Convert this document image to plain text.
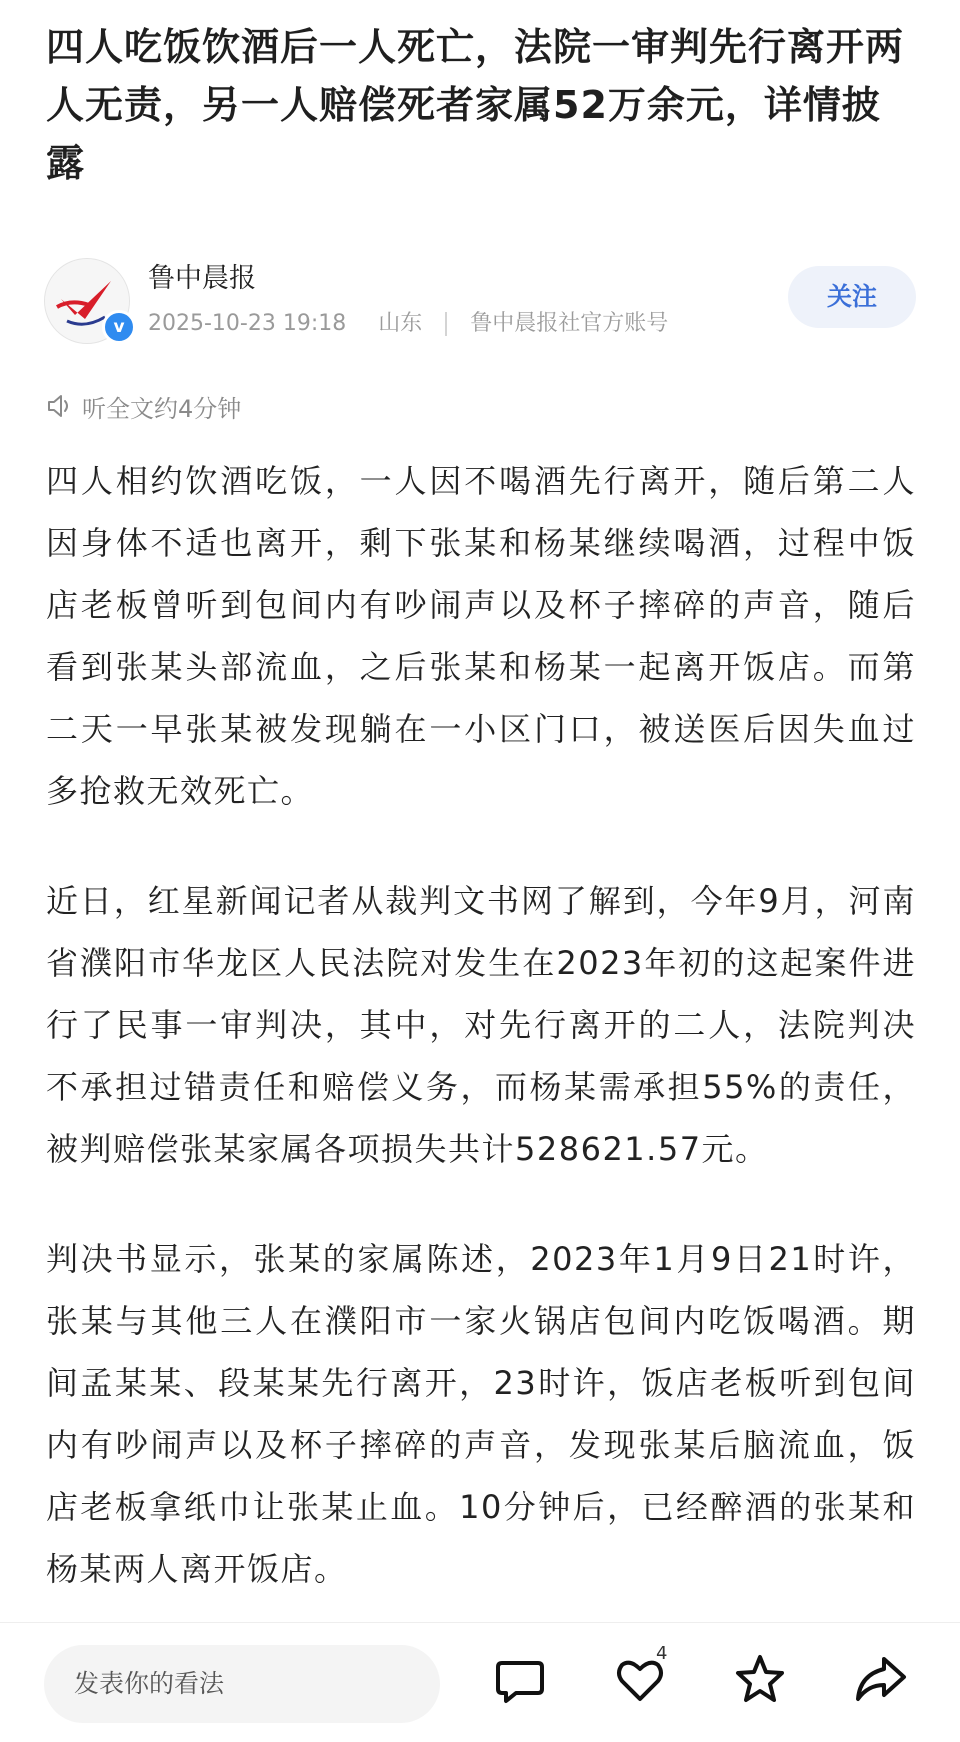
四人吃饭饮酒后一人死亡，法院一审判先行离开两人无责，另一人赔偿死者家属52万余元，详情披露
v
鲁中晨报
2025-10-23 19:18 山东 鲁中晨报社官方账号
关注
听全文约4分钟

四人相约饮酒吃饭，一人因不喝酒先行离开，随后第二人因身体不适也离开，剩下张某和杨某继续喝酒，过程中饭店老板曾听到包间内有吵闹声以及杯子摔碎的声音，随后看到张某头部流血，之后张某和杨某一起离开饭店。而第二天一早张某被发现躺在一小区门口，被送医后因失血过多抢救无效死亡。

近日，红星新闻记者从裁判文书网了解到，今年9月，河南省濮阳市华龙区人民法院对发生在2023年初的这起案件进行了民事一审判决，其中，对先行离开的二人，法院判决不承担过错责任和赔偿义务，而杨某需承担55%的责任，被判赔偿张某家属各项损失共计528621.57元。

判决书显示，张某的家属陈述，2023年1月9日21时许，张某与其他三人在濮阳市一家火锅店包间内吃饭喝酒。期间孟某某、段某某先行离开，23时许，饭店老板听到包间内有吵闹声以及杯子摔碎的声音，发现张某后脑流血，饭店老板拿纸巾让张某止血。10分钟后，已经醉酒的张某和杨某两人离开饭店。

发表你的看法
4
